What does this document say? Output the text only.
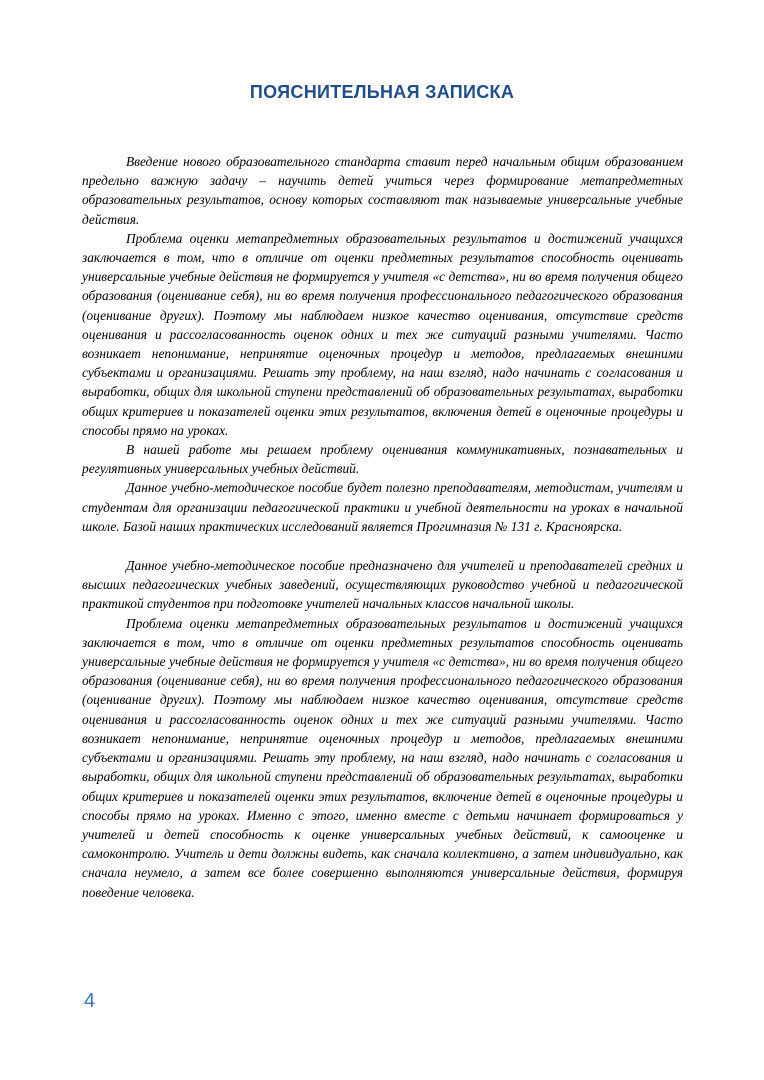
ПОЯСНИТЕЛЬНАЯ ЗАПИСКА

Введение нового образовательного стандарта ставит перед начальным общим образованием предельно важную задачу – научить детей учиться через формирование метапредметных образовательных результатов, основу которых составляют так называемые универсальные учебные действия.

Проблема оценки метапредметных образовательных результатов и достижений учащихся заключается в том, что в отличие от оценки предметных результатов способность оценивать универсальные учебные действия не формируется у учителя «с детства», ни во время получения общего образования (оценивание себя), ни во время получения профессионального педагогического образования (оценивание других). Поэтому мы наблюдаем низкое качество оценивания, отсутствие средств оценивания и рассогласованность оценок одних и тех же ситуаций разными учителями. Часто возникает непонимание, непринятие оценочных процедур и методов, предлагаемых внешними субъектами и организациями. Решать эту проблему, на наш взгляд, надо начинать с согласования и выработки, общих для школьной ступени представлений об образовательных результатах, выработки общих критериев и показателей оценки этих результатов, включения детей в оценочные процедуры и способы прямо на уроках.

В нашей работе мы решаем проблему оценивания коммуникативных, познавательных и регулятивных универсальных учебных действий.

Данное учебно-методическое пособие будет полезно преподавателям, методистам, учителям и студентам для организации педагогической практики и учебной деятельности на уроках в начальной школе. Базой наших практических исследований является Прогимназия № 131 г. Красноярска.

Данное учебно-методическое пособие предназначено для учителей и преподавателей средних и высших педагогических учебных заведений, осуществляющих руководство учебной и педагогической практикой студентов при подготовке учителей начальных классов начальной школы.

Проблема оценки метапредметных образовательных результатов и достижений учащихся заключается в том, что в отличие от оценки предметных результатов способность оценивать универсальные учебные действия не формируется у учителя «с детства», ни во время получения общего образования (оценивание себя), ни во время получения профессионального педагогического образования (оценивание других). Поэтому мы наблюдаем низкое качество оценивания, отсутствие средств оценивания и рассогласованность оценок одних и тех же ситуаций разными учителями. Часто возникает непонимание, непринятие оценочных процедур и методов, предлагаемых внешними субъектами и организациями. Решать эту проблему, на наш взгляд, надо начинать с согласования и выработки, общих для школьной ступени представлений об образовательных результатах, выработки общих критериев и показателей оценки этих результатов, включение детей в оценочные процедуры и способы прямо на уроках. Именно с этого, именно вместе с детьми начинает формироваться у учителей и детей способность к оценке универсальных учебных действий, к самооценке и самоконтролю. Учитель и дети должны видеть, как сначала коллективно, а затем индивидуально, как сначала неумело, а затем все более совершенно выполняются универсальные действия, формируя поведение человека.

4
